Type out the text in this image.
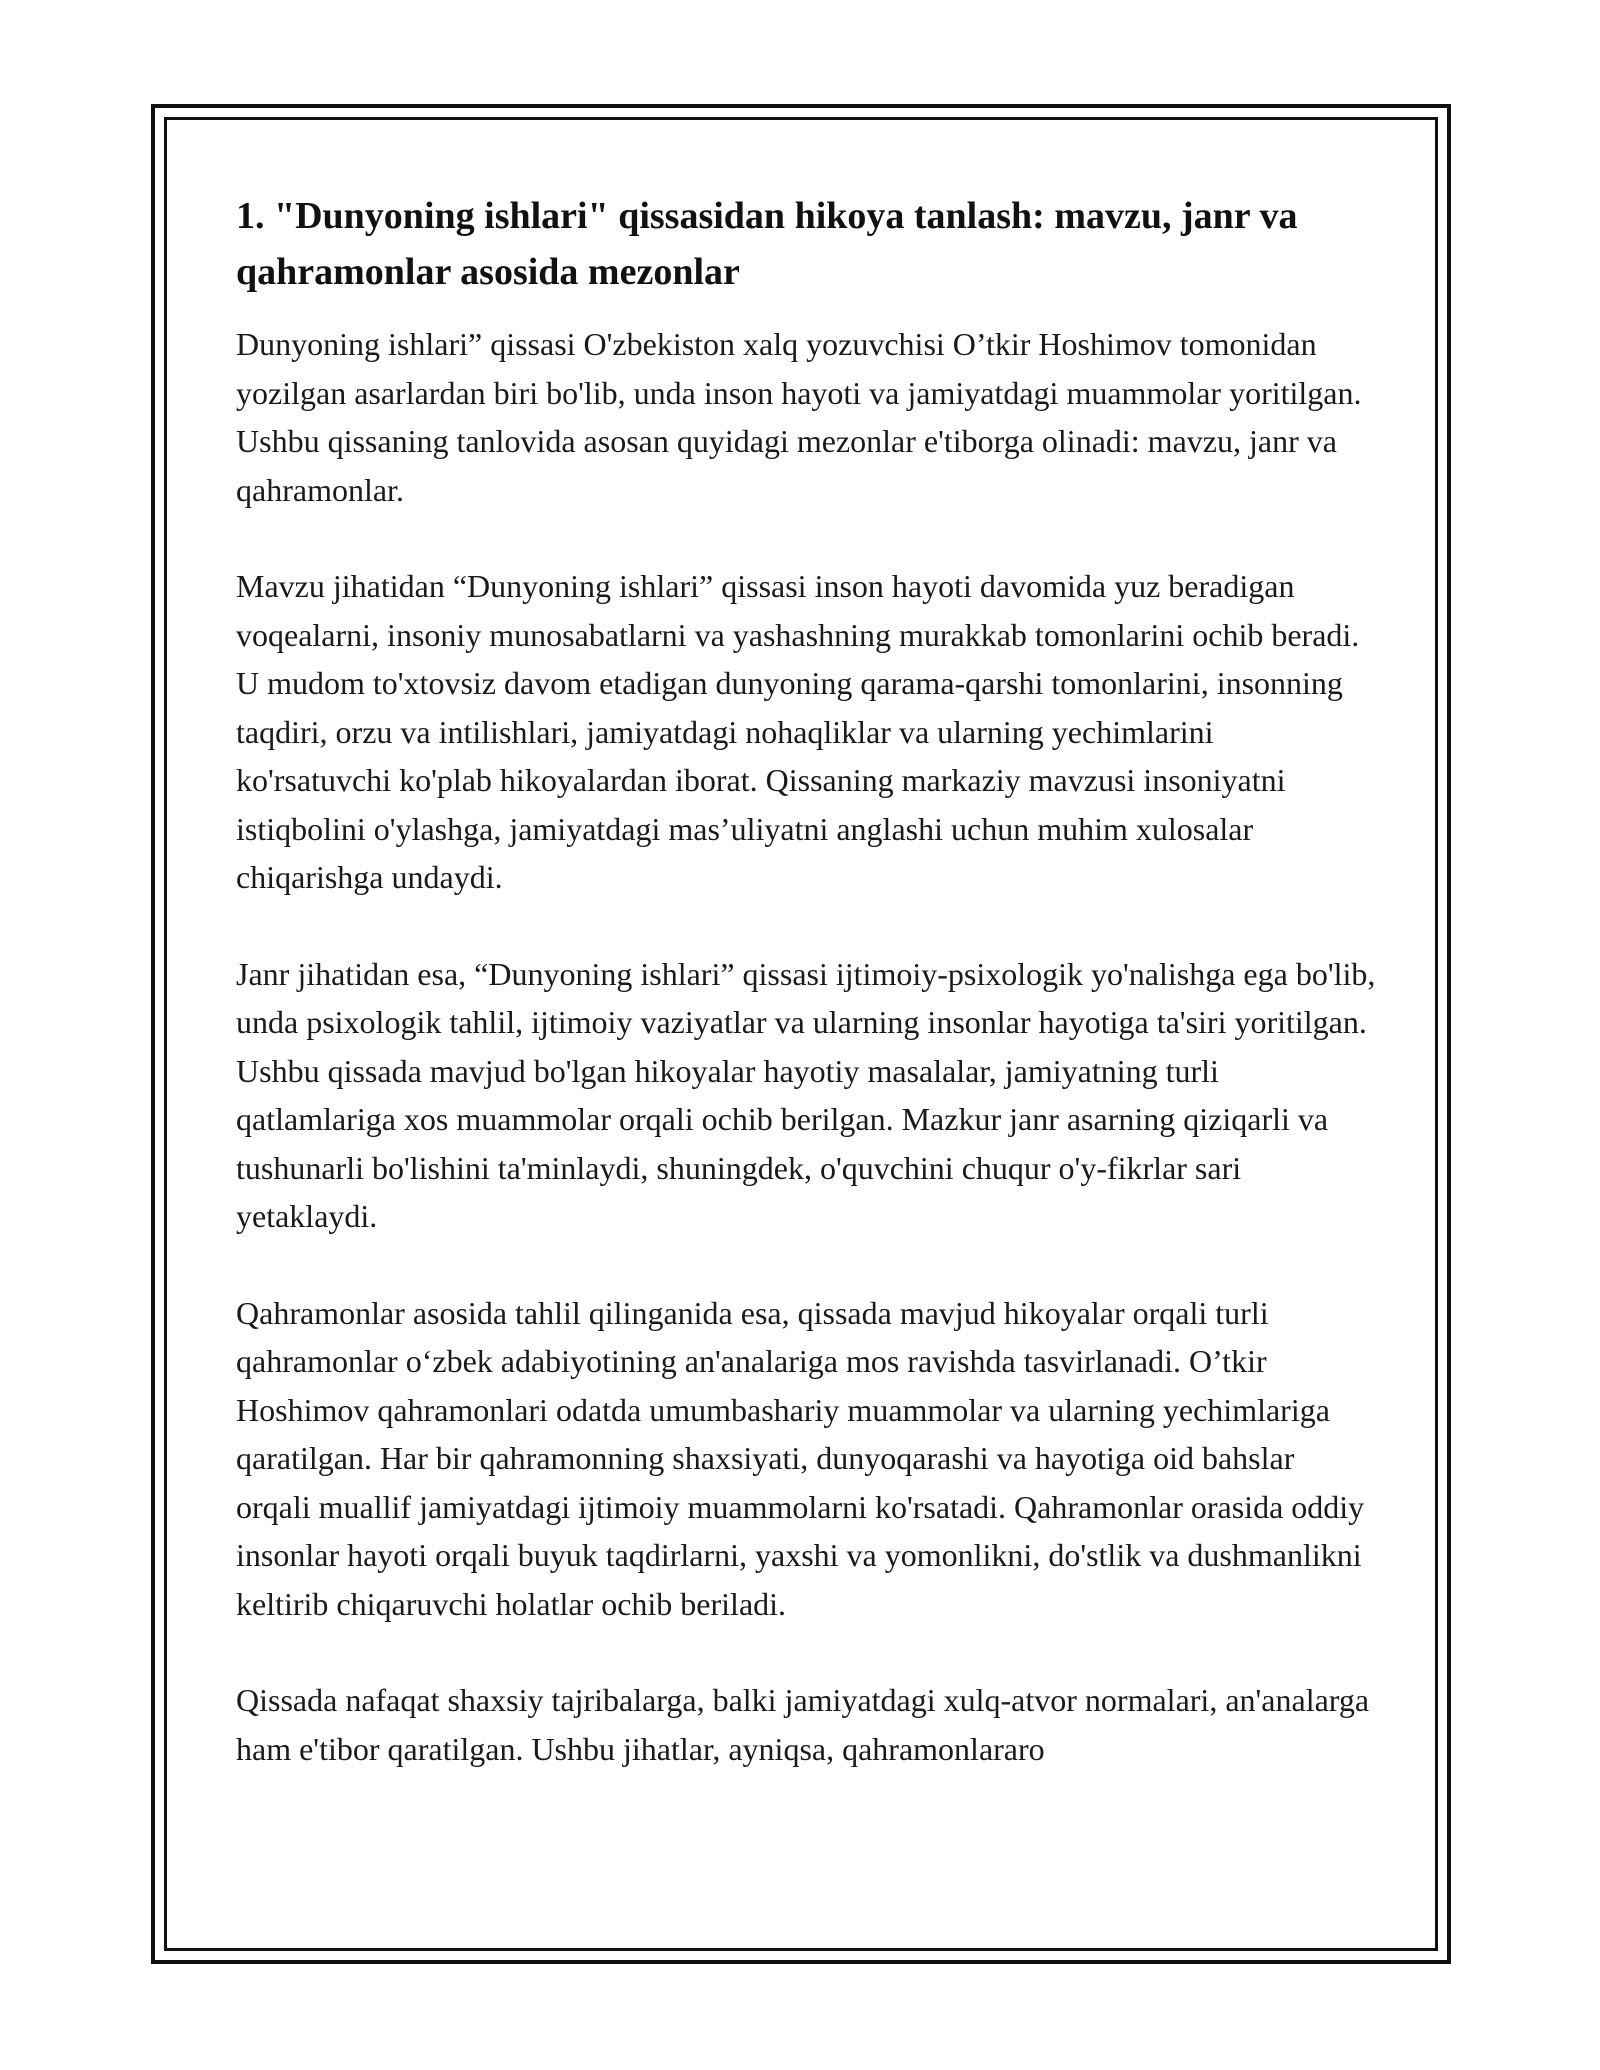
1. "Dunyoning ishlari" qissasidan hikoya tanlash: mavzu, janr va qahramonlar asosida mezonlar

Dunyoning ishlari” qissasi O'zbekiston xalq yozuvchisi O’tkir Hoshimov tomonidan yozilgan asarlardan biri bo'lib, unda inson hayoti va jamiyatdagi muammolar yoritilgan. Ushbu qissaning tanlovida asosan quyidagi mezonlar e'tiborga olinadi: mavzu, janr va qahramonlar.

Mavzu jihatidan “Dunyoning ishlari” qissasi inson hayoti davomida yuz beradigan voqealarni, insoniy munosabatlarni va yashashning murakkab tomonlarini ochib beradi. U mudom to'xtovsiz davom etadigan dunyoning qarama-qarshi tomonlarini, insonning taqdiri, orzu va intilishlari, jamiyatdagi nohaqliklar va ularning yechimlarini ko'rsatuvchi ko'plab hikoyalardan iborat. Qissaning markaziy mavzusi insoniyatni istiqbolini o'ylashga, jamiyatdagi mas’uliyatni anglashi uchun muhim xulosalar chiqarishga undaydi.

Janr jihatidan esa, “Dunyoning ishlari” qissasi ijtimoiy-psixologik yo'nalishga ega bo'lib, unda psixologik tahlil, ijtimoiy vaziyatlar va ularning insonlar hayotiga ta'siri yoritilgan. Ushbu qissada mavjud bo'lgan hikoyalar hayotiy masalalar, jamiyatning turli qatlamlariga xos muammolar orqali ochib berilgan. Mazkur janr asarning qiziqarli va tushunarli bo'lishini ta'minlaydi, shuningdek, o'quvchini chuqur o'y-fikrlar sari yetaklaydi.

Qahramonlar asosida tahlil qilinganida esa, qissada mavjud hikoyalar orqali turli qahramonlar o‘zbek adabiyotining an'analariga mos ravishda tasvirlanadi. O’tkir Hoshimov qahramonlari odatda umumbashariy muammolar va ularning yechimlariga qaratilgan. Har bir qahramonning shaxsiyati, dunyoqarashi va hayotiga oid bahslar orqali muallif jamiyatdagi ijtimoiy muammolarni ko'rsatadi. Qahramonlar orasida oddiy insonlar hayoti orqali buyuk taqdirlarni, yaxshi va yomonlikni, do'stlik va dushmanlikni keltirib chiqaruvchi holatlar ochib beriladi.

Qissada nafaqat shaxsiy tajribalarga, balki jamiyatdagi xulq-atvor normalari, an'analarga ham e'tibor qaratilgan. Ushbu jihatlar, ayniqsa, qahramonlararo
